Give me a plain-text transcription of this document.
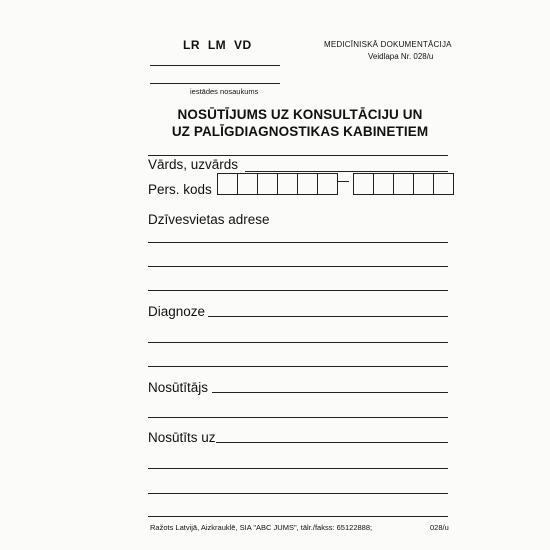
LR LM VD	MEDICĪNISKĀ DOKUMENTĀCIJA
Veidlapa Nr. 028/u
iestādes nosaukums
NOSŪTĪJUMS UZ KONSULTĀCIJU UN
UZ PALĪGDIAGNOSTIKAS KABINETIEM
Vārds, uzvārds
Pers. kods
Dzīvesvietas adrese
Diagnoze
Nosūtītājs
Nosūtīts uz
Ražots Latvijā, Aizkrauklē, SIA "ABC JUMS", tālr./fakss: 65122888;	028/u
